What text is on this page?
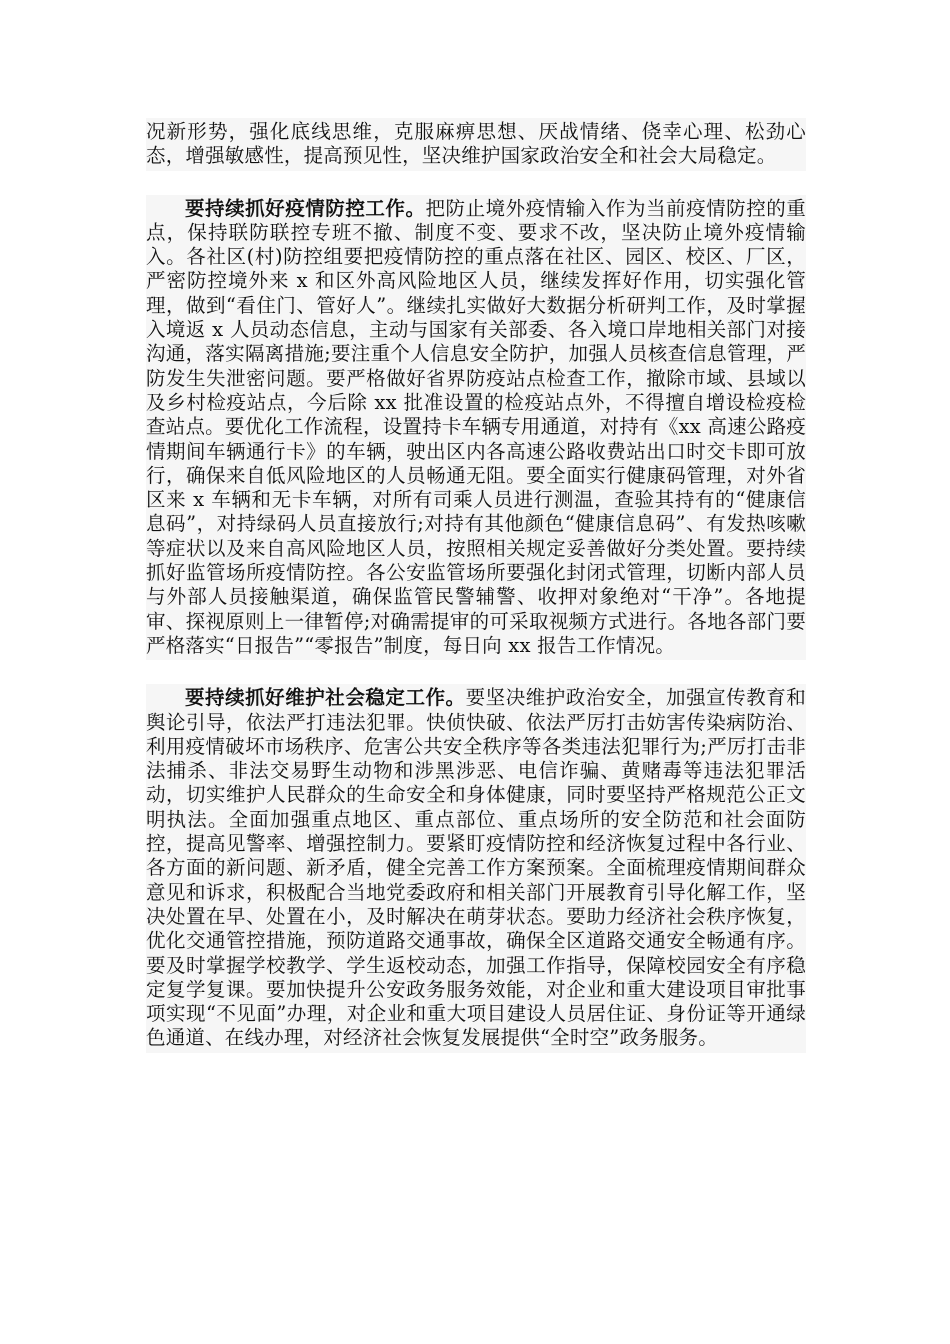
况新形势，强化底线思维，克服麻痹思想、厌战情绪、侥幸心理、松劲心态，增强敏感性，提高预见性，坚决维护国家政治安全和社会大局稳定。

要持续抓好疫情防控工作。把防止境外疫情输入作为当前疫情防控的重点，保持联防联控专班不撤、制度不变、要求不改，坚决防止境外疫情输入。各社区(村)防控组要把疫情防控的重点落在社区、园区、校区、厂区，严密防控境外来 x 和区外高风险地区人员，继续发挥好作用，切实强化管理，做到“看住门、管好人”。继续扎实做好大数据分析研判工作，及时掌握入境返 x 人员动态信息，主动与国家有关部委、各入境口岸地相关部门对接沟通，落实隔离措施;要注重个人信息安全防护，加强人员核查信息管理，严防发生失泄密问题。要严格做好省界防疫站点检查工作，撤除市域、县域以及乡村检疫站点，今后除 xx 批准设置的检疫站点外，不得擅自增设检疫检查站点。要优化工作流程，设置持卡车辆专用通道，对持有《xx 高速公路疫情期间车辆通行卡》的车辆，驶出区内各高速公路收费站出口时交卡即可放行，确保来自低风险地区的人员畅通无阻。要全面实行健康码管理，对外省区来 x 车辆和无卡车辆，对所有司乘人员进行测温，查验其持有的“健康信息码”，对持绿码人员直接放行;对持有其他颜色“健康信息码”、有发热咳嗽等症状以及来自高风险地区人员，按照相关规定妥善做好分类处置。要持续抓好监管场所疫情防控。各公安监管场所要强化封闭式管理，切断内部人员与外部人员接触渠道，确保监管民警辅警、收押对象绝对“干净”。各地提审、探视原则上一律暂停;对确需提审的可采取视频方式进行。各地各部门要严格落实“日报告”“零报告”制度，每日向 xx 报告工作情况。

要持续抓好维护社会稳定工作。要坚决维护政治安全，加强宣传教育和舆论引导，依法严打违法犯罪。快侦快破、依法严厉打击妨害传染病防治、利用疫情破坏市场秩序、危害公共安全秩序等各类违法犯罪行为;严厉打击非法捕杀、非法交易野生动物和涉黑涉恶、电信诈骗、黄赌毒等违法犯罪活动，切实维护人民群众的生命安全和身体健康，同时要坚持严格规范公正文明执法。全面加强重点地区、重点部位、重点场所的安全防范和社会面防控，提高见警率、增强控制力。要紧盯疫情防控和经济恢复过程中各行业、各方面的新问题、新矛盾，健全完善工作方案预案。全面梳理疫情期间群众意见和诉求，积极配合当地党委政府和相关部门开展教育引导化解工作，坚决处置在早、处置在小，及时解决在萌芽状态。要助力经济社会秩序恢复，优化交通管控措施，预防道路交通事故，确保全区道路交通安全畅通有序。要及时掌握学校教学、学生返校动态，加强工作指导，保障校园安全有序稳定复学复课。要加快提升公安政务服务效能，对企业和重大建设项目审批事项实现“不见面”办理，对企业和重大项目建设人员居住证、身份证等开通绿色通道、在线办理，对经济社会恢复发展提供“全时空”政务服务。
